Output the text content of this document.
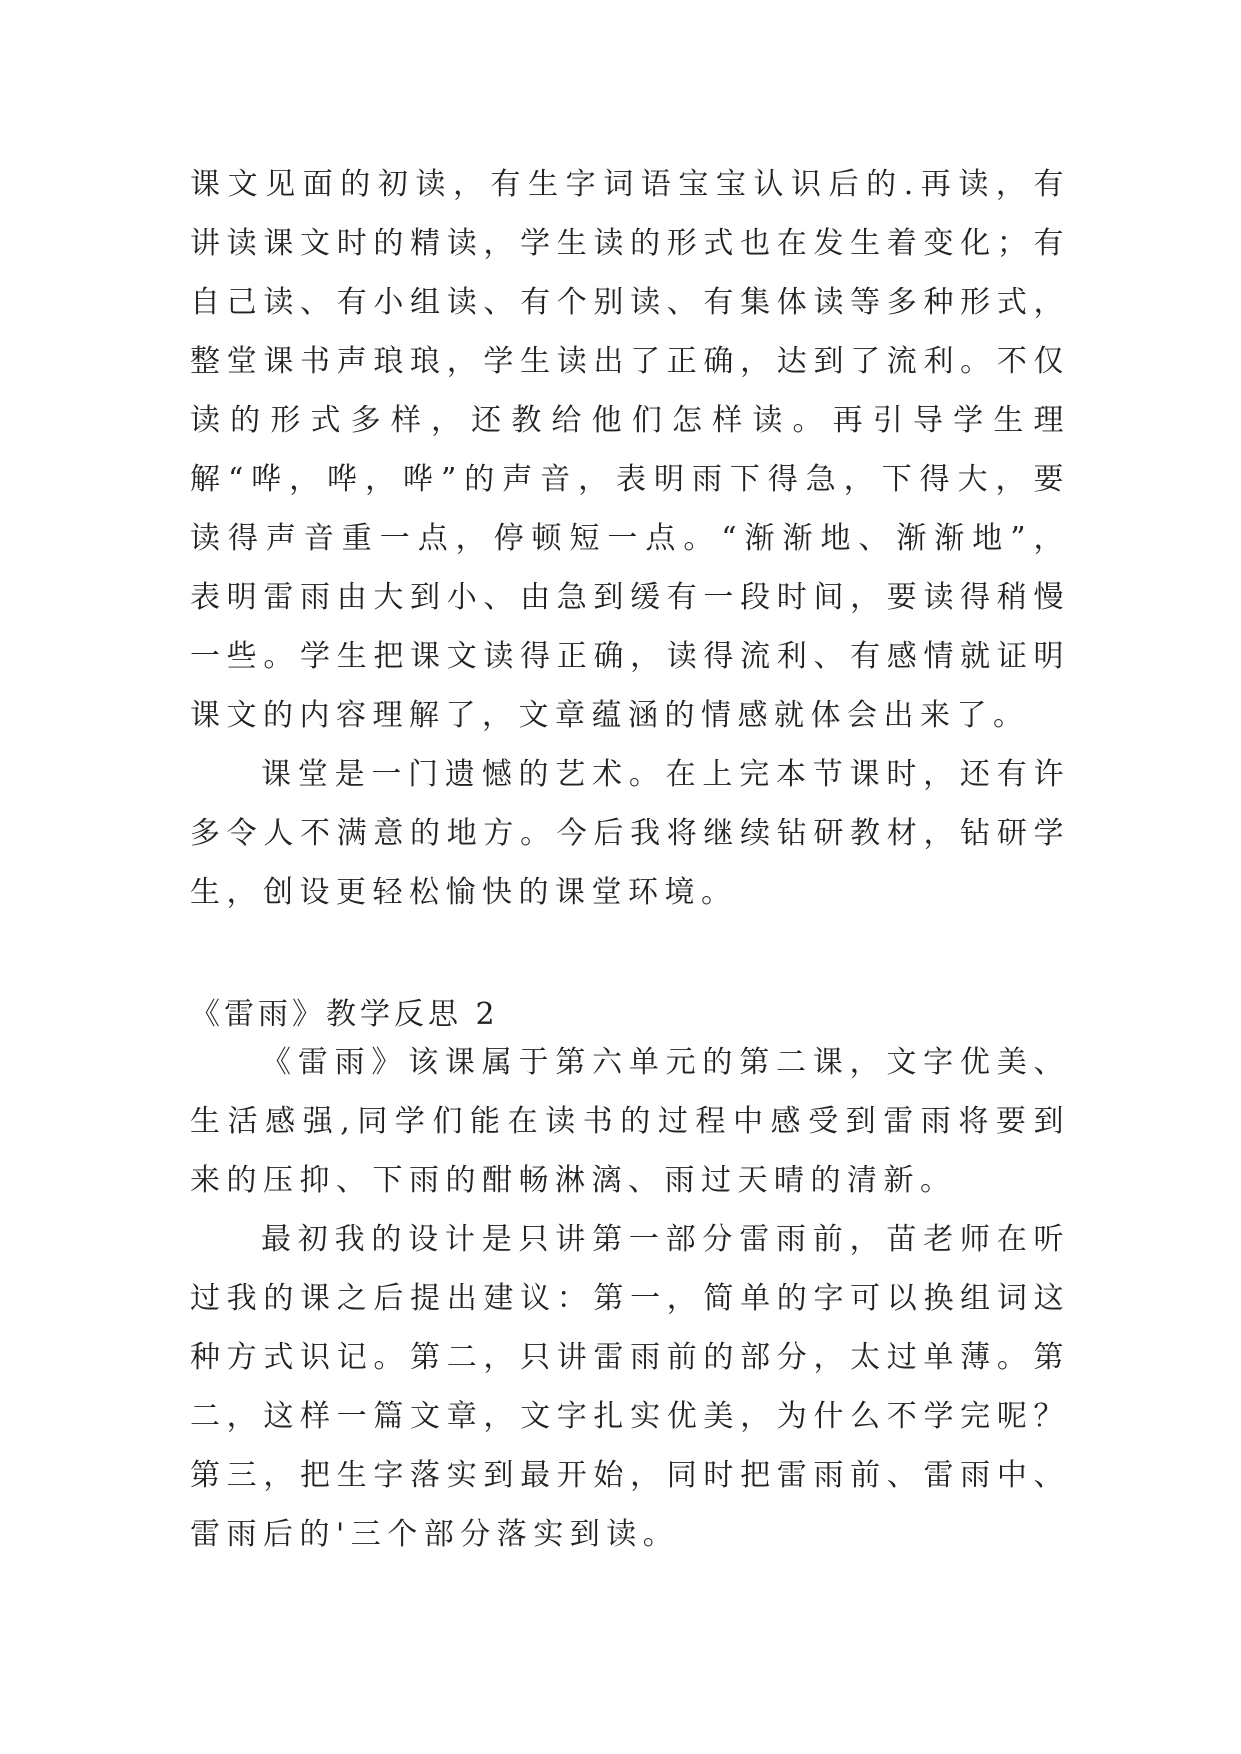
课文见面的初读，有生字词语宝宝认识后的.再读，有讲读课文时的精读，学生读的形式也在发生着变化；有自己读、有小组读、有个别读、有集体读等多种形式，整堂课书声琅琅，学生读出了正确，达到了流利。不仅读的形式多样，还教给他们怎样读。再引导学生理解“哗，哗，哗”的声音，表明雨下得急，下得大，要读得声音重一点，停顿短一点。“渐渐地、渐渐地”，表明雷雨由大到小、由急到缓有一段时间，要读得稍慢一些。学生把课文读得正确，读得流利、有感情就证明课文的内容理解了，文章蕴涵的情感就体会出来了。

课堂是一门遗憾的艺术。在上完本节课时，还有许多令人不满意的地方。今后我将继续钻研教材，钻研学生，创设更轻松愉快的课堂环境。

《雷雨》教学反思 2

《雷雨》该课属于第六单元的第二课，文字优美、生活感强,同学们能在读书的过程中感受到雷雨将要到来的压抑、下雨的酣畅淋漓、雨过天晴的清新。

最初我的设计是只讲第一部分雷雨前，苗老师在听过我的课之后提出建议：第一，简单的字可以换组词这种方式识记。第二，只讲雷雨前的部分，太过单薄。第二，这样一篇文章，文字扎实优美，为什么不学完呢？第三，把生字落实到最开始，同时把雷雨前、雷雨中、雷雨后的'三个部分落实到读。
